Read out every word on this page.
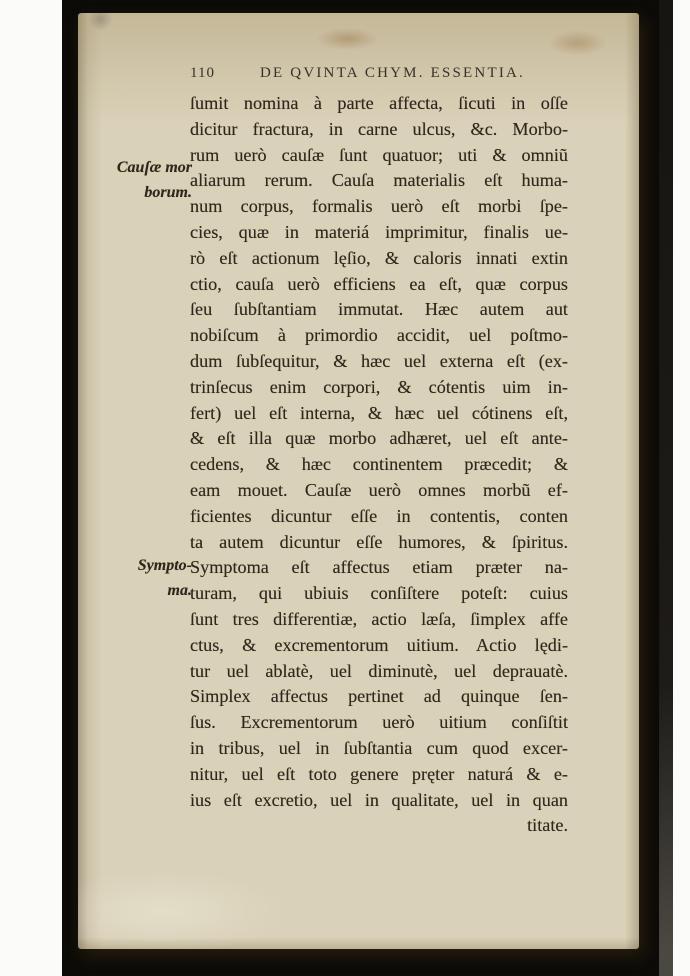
110	DE QVINTA CHYM. ESSENTIA.
Cauſæ mor
borum.
Sympto-
ma.
ſumit nomina à parte affecta, ſicuti in oſſe
dicitur fractura, in carne ulcus, &c. Morbo-
rum uerò cauſæ ſunt quatuor; uti & omniũ
aliarum rerum. Cauſa materialis eſt huma-
num corpus, formalis uerò eſt morbi ſpe-
cies, quæ in materiá imprimitur, finalis ue-
rò eſt actionum lęſio, & caloris innati extin
ctio, cauſa uerò efficiens ea eſt, quæ corpus
ſeu ſubſtantiam immutat. Hæc autem aut
nobiſcum à primordio accidit, uel poſtmo-
dum ſubſequitur, & hæc uel externa eſt (ex-
trinſecus enim corpori, & cótentis uim in-
fert) uel eſt interna, & hæc uel cótinens eſt,
& eſt illa quæ morbo adhæret, uel eſt ante-
cedens, & hæc continentem præcedit; &
eam mouet. Cauſæ uerò omnes morbũ ef-
ficientes dicuntur eſſe in contentis, conten
ta autem dicuntur eſſe humores, & ſpiritus.
Symptoma eſt affectus etiam præter na-
turam, qui ubiuis conſiſtere poteſt: cuius
ſunt tres differentiæ, actio læſa, ſimplex affe
ctus, & excrementorum uitium. Actio lędi-
tur uel ablatè, uel diminutè, uel deprauatè.
Simplex affectus pertinet ad quinque ſen-
ſus. Excrementorum uerò uitium conſiſtit
in tribus, uel in ſubſtantia cum quod excer-
nitur, uel eſt toto genere pręter naturá & e-
ius eſt excretio, uel in qualitate, uel in quan
titate.
